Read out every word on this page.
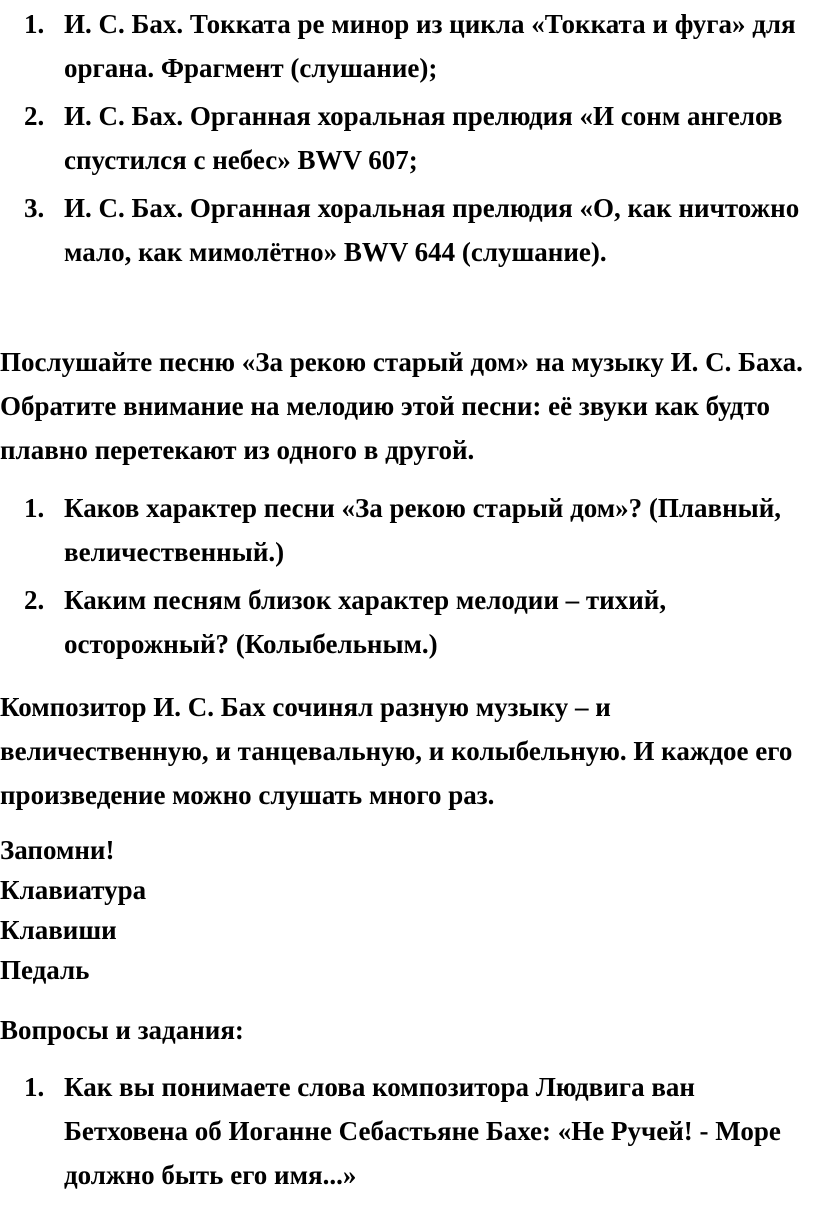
1. И. С. Бах. Токката ре минор из цикла «Токката и фуга» для органа. Фрагмент (слушание);
2. И. С. Бах. Органная хоральная прелюдия «И сонм ангелов спустился с небес» BWV 607;
3. И. С. Бах. Органная хоральная прелюдия «О, как ничтожно мало, как мимолётно» BWV 644 (слушание).

Послушайте песню «За рекою старый дом» на музыку И. С. Баха. Обратите внимание на мелодию этой песни: её звуки как будто плавно перетекают из одного в другой.

1. Каков характер песни «За рекою старый дом»? (Плавный, величественный.)
2. Каким песням близок характер мелодии – тихий, осторожный? (Колыбельным.)

Композитор И. С. Бах сочинял разную музыку – и величественную, и танцевальную, и колыбельную. И каждое его произведение можно слушать много раз.

Запомни!

Клавиатура

Клавиши

Педаль

Вопросы и задания:

1. Как вы понимаете слова композитора Людвига ван Бетховена об Иоганне Себастьяне Бахе: «Не Ручей! - Море должно быть его имя...»
